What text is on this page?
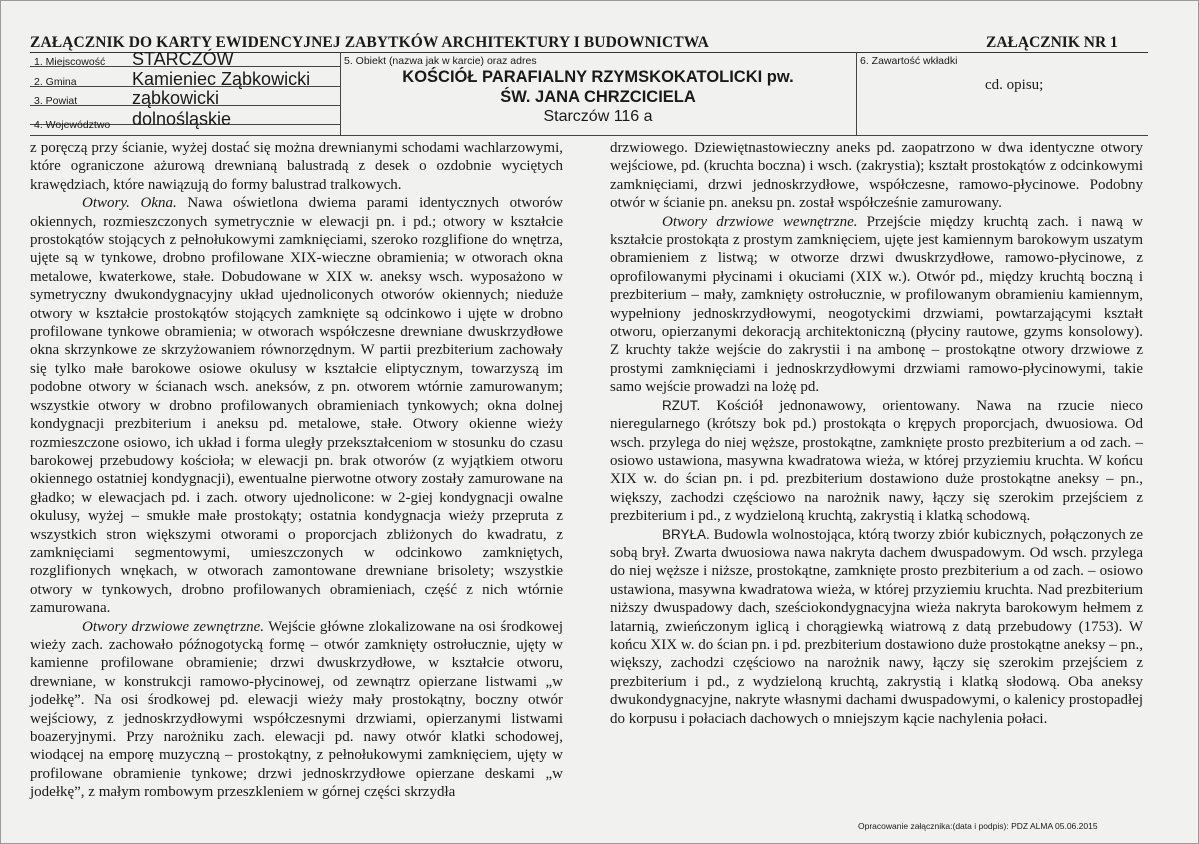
ZAŁĄCZNIK DO KARTY EWIDENCYJNEJ ZABYTKÓW ARCHITEKTURY I BUDOWNICTWA	ZAŁĄCZNIK NR 1
1. Miejscowość STARCZÓW
2. Gmina	Kamieniec Ząbkowicki
3. Powiat	ząbkowicki
4. Województwo dolnośląskie
5. Obiekt (nazwa jak w karcie) oraz adres
KOŚCIÓŁ PARAFIALNY RZYMSKOKATOLICKI pw.
ŚW. JANA CHRZCICIELA
Starczów 116 a
6. Zawartość wkładki
cd. opisu;

z poręczą przy ścianie, wyżej dostać się można drewnianymi schodami wachlarzowymi, które ograniczone ażurową drewnianą balustradą z desek o ozdobnie wyciętych krawędziach, które nawiązują do formy balustrad tralkowych.

Otwory. Okna. Nawa oświetlona dwiema parami identycznych otworów okiennych, rozmieszczonych symetrycznie w elewacji pn. i pd.; otwory w kształcie prostokątów stojących z pełnołukowymi zamknięciami, szeroko rozglifione do wnętrza, ujęte są w tynkowe, drobno profilowane XIX-wieczne obramienia; w otworach okna metalowe, kwaterkowe, stałe. Dobudowane w XIX w. aneksy wsch. wyposażono w symetryczny dwukondygnacyjny układ ujednoliconych otworów okiennych; nieduże otwory w kształcie prostokątów stojących zamknięte są odcinkowo i ujęte w drobno profilowane tynkowe obramienia; w otworach współczesne drewniane dwuskrzydłowe okna skrzynkowe ze skrzyżowaniem równorzędnym. W partii prezbiterium zachowały się tylko małe barokowe osiowe okulusy w kształcie eliptycznym, towarzyszą im podobne otwory w ścianach wsch. aneksów, z pn. otworem wtórnie zamurowanym; wszystkie otwory w drobno profilowanych obramieniach tynkowych; okna dolnej kondygnacji prezbiterium i aneksu pd. metalowe, stałe. Otwory okienne wieży rozmieszczone osiowo, ich układ i forma uległy przekształceniom w stosunku do czasu barokowej przebudowy kościoła; w elewacji pn. brak otworów (z wyjątkiem otworu okiennego ostatniej kondygnacji), ewentualne pierwotne otwory zostały zamurowane na gładko; w elewacjach pd. i zach. otwory ujednolicone: w 2-giej kondygnacji owalne okulusy, wyżej – smukłe małe prostokąty; ostatnia kondygnacja wieży przepruta z wszystkich stron większymi otworami o proporcjach zbliżonych do kwadratu, z zamknięciami segmentowymi, umieszczonych w odcinkowo zamkniętych, rozglifionych wnękach, w otworach zamontowane drewniane brisolety; wszystkie otwory w tynkowych, drobno profilowanych obramieniach, część z nich wtórnie zamurowana.

Otwory drzwiowe zewnętrzne. Wejście główne zlokalizowane na osi środkowej wieży zach. zachowało późnogotycką formę – otwór zamknięty ostrołucznie, ujęty w kamienne profilowane obramienie; drzwi dwuskrzydłowe, w kształcie otworu, drewniane, w konstrukcji ramowo-płycinowej, od zewnątrz opierzane listwami „w jodełkę”. Na osi środkowej pd. elewacji wieży mały prostokątny, boczny otwór wejściowy, z jednoskrzydłowymi współczesnymi drzwiami, opierzanymi listwami boazeryjnymi. Przy narożniku zach. elewacji pd. nawy otwór klatki schodowej, wiodącej na emporę muzyczną – prostokątny, z pełnołukowymi zamknięciem, ujęty w profilowane obramienie tynkowe; drzwi jednoskrzydłowe opierzane deskami „w jodełkę”, z małym rombowym przeszkleniem w górnej części skrzydła

drzwiowego. Dziewiętnastowieczny aneks pd. zaopatrzono w dwa identyczne otwory wejściowe, pd. (kruchta boczna) i wsch. (zakrystia); kształt prostokątów z odcinkowymi zamknięciami, drzwi jednoskrzydłowe, współczesne, ramowo-płycinowe. Podobny otwór w ścianie pn. aneksu pn. został współcześnie zamurowany.

Otwory drzwiowe wewnętrzne. Przejście między kruchtą zach. i nawą w kształcie prostokąta z prostym zamknięciem, ujęte jest kamiennym barokowym uszatym obramieniem z listwą; w otworze drzwi dwuskrzydłowe, ramowo-płycinowe, z oprofilowanymi płycinami i okuciami (XIX w.). Otwór pd., między kruchtą boczną i prezbiterium – mały, zamknięty ostrołucznie, w profilowanym obramieniu kamiennym, wypełniony jednoskrzydłowymi, neogotyckimi drzwiami, powtarzającymi kształt otworu, opierzanymi dekoracją architektoniczną (płyciny rautowe, gzyms konsolowy). Z kruchty także wejście do zakrystii i na ambonę – prostokątne otwory drzwiowe z prostymi zamknięciami i jednoskrzydłowymi drzwiami ramowo-płycinowymi, takie samo wejście prowadzi na lożę pd.

RZUT. Kościół jednonawowy, orientowany. Nawa na rzucie nieco nieregularnego (krótszy bok pd.) prostokąta o krępych proporcjach, dwuosiowa. Od wsch. przylega do niej węższe, prostokątne, zamknięte prosto prezbiterium a od zach. – osiowo ustawiona, masywna kwadratowa wieża, w której przyziemiu kruchta. W końcu XIX w. do ścian pn. i pd. prezbiterium dostawiono duże prostokątne aneksy – pn., większy, zachodzi częściowo na narożnik nawy, łączy się szerokim przejściem z prezbiterium i pd., z wydzieloną kruchtą, zakrystią i klatką schodową.

BRYŁA. Budowla wolnostojąca, którą tworzy zbiór kubicznych, połączonych ze sobą brył. Zwarta dwuosiowa nawa nakryta dachem dwuspadowym. Od wsch. przylega do niej węższe i niższe, prostokątne, zamknięte prosto prezbiterium a od zach. – osiowo ustawiona, masywna kwadratowa wieża, w której przyziemiu kruchta. Nad prezbiterium niższy dwuspadowy dach, sześciokondygnacyjna wieża nakryta barokowym hełmem z latarnią, zwieńczonym iglicą i chorągiewką wiatrową z datą przebudowy (1753). W końcu XIX w. do ścian pn. i pd. prezbiterium dostawiono duże prostokątne aneksy – pn., większy, zachodzi częściowo na narożnik nawy, łączy się szerokim przejściem z prezbiterium i pd., z wydzieloną kruchtą, zakrystią i klatką słodową. Oba aneksy dwukondygnacyjne, nakryte własnymi dachami dwuspadowymi, o kalenicy prostopadłej do korpusu i połaciach dachowych o mniejszym kącie nachylenia połaci.

Opracowanie załącznika:(data i podpis): PDZ ALMA 05.06.2015
